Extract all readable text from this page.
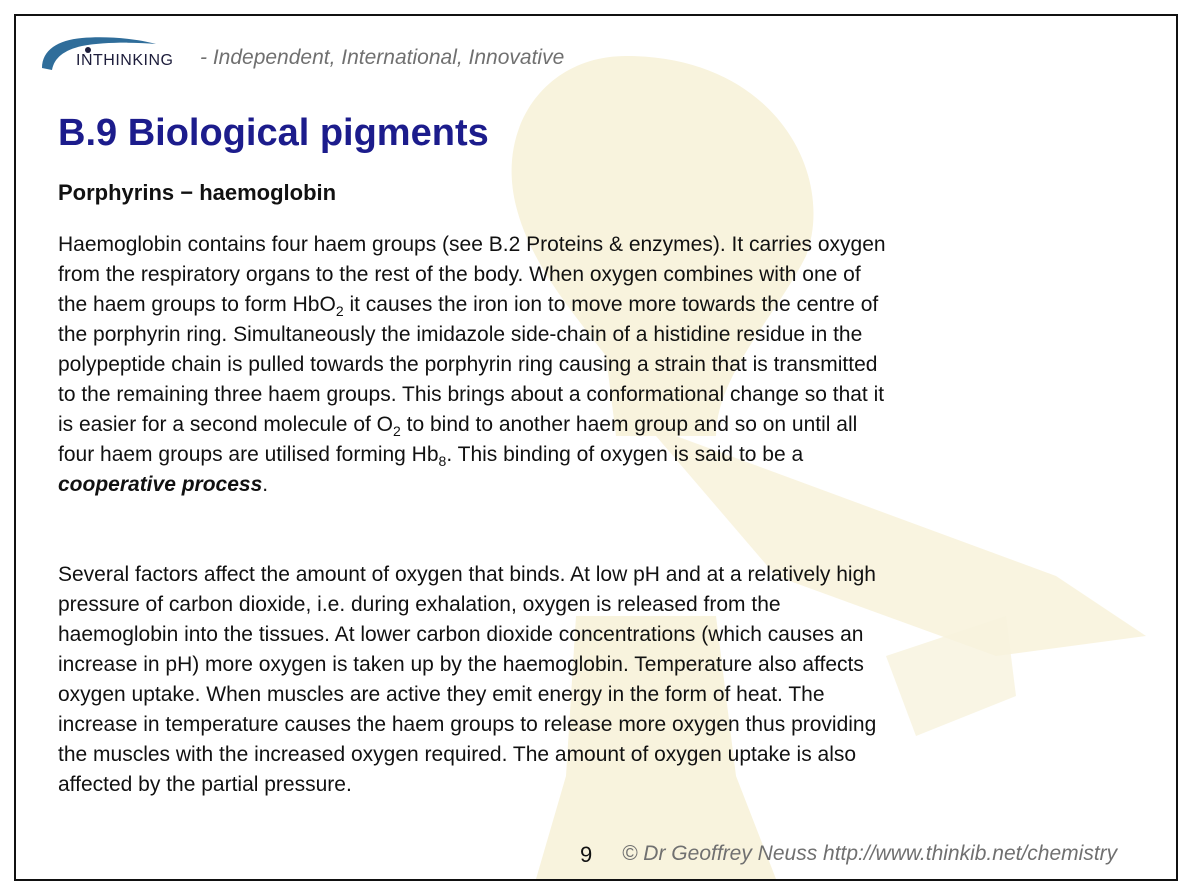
INTHINKING - Independent, International, Innovative
B.9 Biological pigments
Porphyrins − haemoglobin
Haemoglobin contains four haem groups (see B.2 Proteins & enzymes). It carries oxygen
from the respiratory organs to the rest of the body. When oxygen combines with one of
the haem groups to form HbO$_2$ it causes the iron ion to move more towards the centre of
the porphyrin ring. Simultaneously the imidazole side-chain of a histidine residue in the
polypeptide chain is pulled towards the porphyrin ring causing a strain that is transmitted
to the remaining three haem groups. This brings about a conformational change so that it
is easier for a second molecule of $O_2$ to bind to another haem group and so on until all
four haem groups are utilised forming $Hb_8$. This binding of oxygen is said to be a
cooperative process.
Several factors affect the amount of oxygen that binds. At low pH and at a relatively high
pressure of carbon dioxide, i.e. during exhalation, oxygen is released from the
haemoglobin into the tissues. At lower carbon dioxide concentrations (which causes an
increase in pH) more oxygen is taken up by the haemoglobin. Temperature also affects
oxygen uptake. When muscles are active they emit energy in the form of heat. The
increase in temperature causes the haem groups to release more oxygen thus providing
the muscles with the increased oxygen required. The amount of oxygen uptake is also
affected by the partial pressure.
9 © Dr Geoffrey Neuss http://www.thinkib.net/chemistry
